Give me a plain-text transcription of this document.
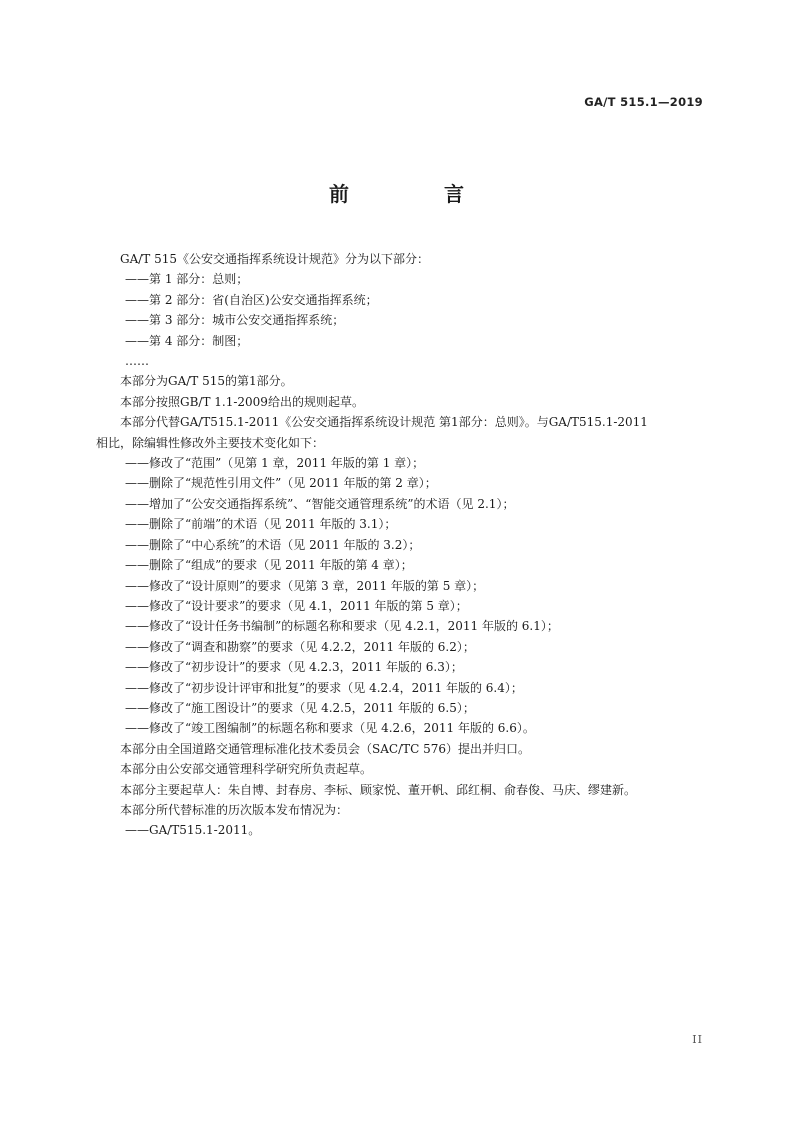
GA/T 515.1—2019
前 言
GA/T 515《公安交通指挥系统设计规范》分为以下部分：
——第 1 部分：总则；
——第 2 部分：省(自治区)公安交通指挥系统；
——第 3 部分：城市公安交通指挥系统；
——第 4 部分：制图；
……
本部分为GA/T 515的第1部分。
本部分按照GB/T 1.1-2009给出的规则起草。
本部分代替GA/T515.1-2011《公安交通指挥系统设计规范 第1部分：总则》。与GA/T515.1-2011
相比，除编辑性修改外主要技术变化如下：
——修改了“范围”（见第 1 章，2011 年版的第 1 章）；
——删除了“规范性引用文件”（见 2011 年版的第 2 章）；
——增加了“公安交通指挥系统”、“智能交通管理系统”的术语（见 2.1）；
——删除了“前端”的术语（见 2011 年版的 3.1）；
——删除了“中心系统”的术语（见 2011 年版的 3.2）；
——删除了“组成”的要求（见 2011 年版的第 4 章）；
——修改了“设计原则”的要求（见第 3 章，2011 年版的第 5 章）；
——修改了“设计要求”的要求（见 4.1，2011 年版的第 5 章）；
——修改了“设计任务书编制”的标题名称和要求（见 4.2.1，2011 年版的 6.1）；
——修改了“调查和勘察”的要求（见 4.2.2，2011 年版的 6.2）；
——修改了“初步设计”的要求（见 4.2.3，2011 年版的 6.3）；
——修改了“初步设计评审和批复”的要求（见 4.2.4，2011 年版的 6.4）；
——修改了“施工图设计”的要求（见 4.2.5，2011 年版的 6.5）；
——修改了“竣工图编制”的标题名称和要求（见 4.2.6，2011 年版的 6.6）。
本部分由全国道路交通管理标准化技术委员会（SAC/TC 576）提出并归口。
本部分由公安部交通管理科学研究所负责起草。
本部分主要起草人：朱自博、封春房、李标、顾家悦、董开帆、邱红桐、俞春俊、马庆、缪建新。
本部分所代替标准的历次版本发布情况为：
——GA/T515.1-2011。
II
